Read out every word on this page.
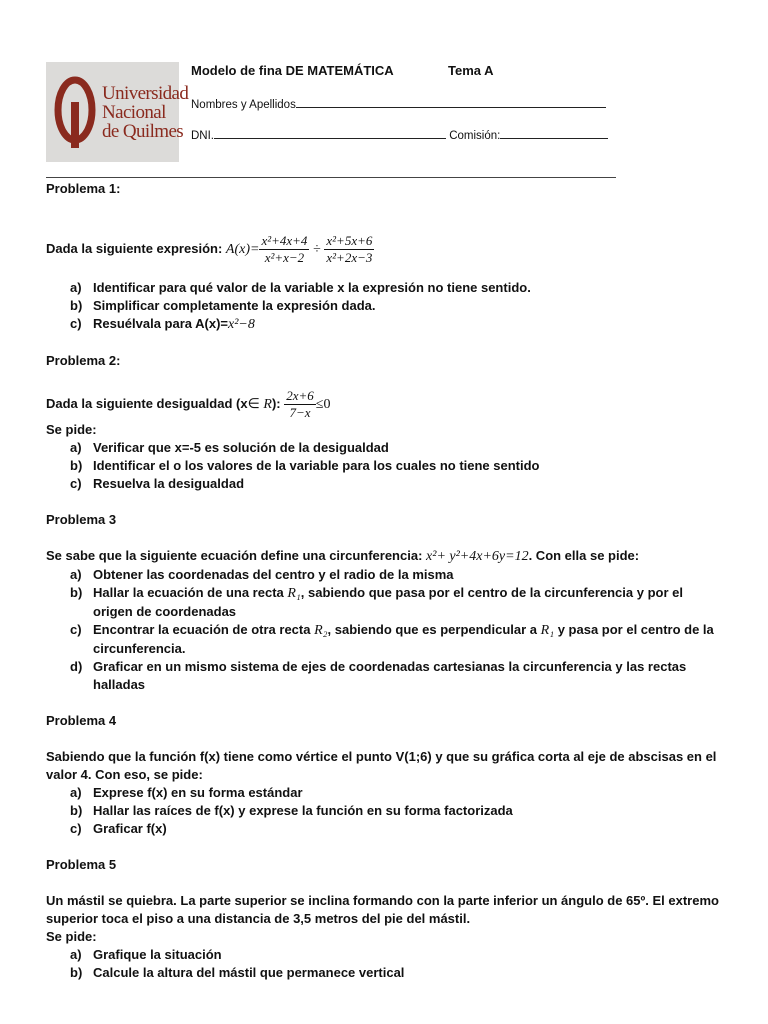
Universidad
Nacional
de Quilmes
Modelo de fina DE MATEMÁTICA	Tema A
Nombres y Apellidos
DNI.	Comisión:

Problema 1:

Dada la siguiente expresión: $A(x)= \frac{\text{x²+4x+4}}{\text{x²+x−2}} \div \frac{\text{x²+5x+6}}{\text{x²+2x−3}}$

a) Identificar para qué valor de la variable x la expresión no tiene sentido.
b) Simplificar completamente la expresión dada.
c) Resuélvala para A(x)=x²−8

Problema 2:

Dada la siguiente desigualdad (x∈ R): $\frac{2x+6}{7-x} \le 0$

Se pide:

a) Verificar que x=-5 es solución de la desigualdad
b) Identificar el o los valores de la variable para los cuales no tiene sentido
c) Resuelva la desigualdad

Problema 3

Se sabe que la siguiente ecuación define una circunferencia: x²+ y²+4x+6y=12. Con ella se pide:

a) Obtener las coordenadas del centro y el radio de la misma
b) Hallar la ecuación de una recta R₁, sabiendo que pasa por el centro de la circunferencia y por el origen de coordenadas
c) Encontrar la ecuación de otra recta R₂, sabiendo que es perpendicular a R₁ y pasa por el centro de la circunferencia.
d) Graficar en un mismo sistema de ejes de coordenadas cartesianas la circunferencia y las rectas halladas

Problema 4

Sabiendo que la función f(x) tiene como vértice el punto V(1;6) y que su gráfica corta al eje de abscisas en el valor 4. Con eso, se pide:

a) Exprese f(x) en su forma estándar
b) Hallar las raíces de f(x) y exprese la función en su forma factorizada
c) Graficar f(x)

Problema 5

Un mástil se quiebra. La parte superior se inclina formando con la parte inferior un ángulo de 65º. El extremo superior toca el piso a una distancia de 3,5 metros del pie del mástil.

Se pide:

a) Grafique la situación
b) Calcule la altura del mástil que permanece vertical
